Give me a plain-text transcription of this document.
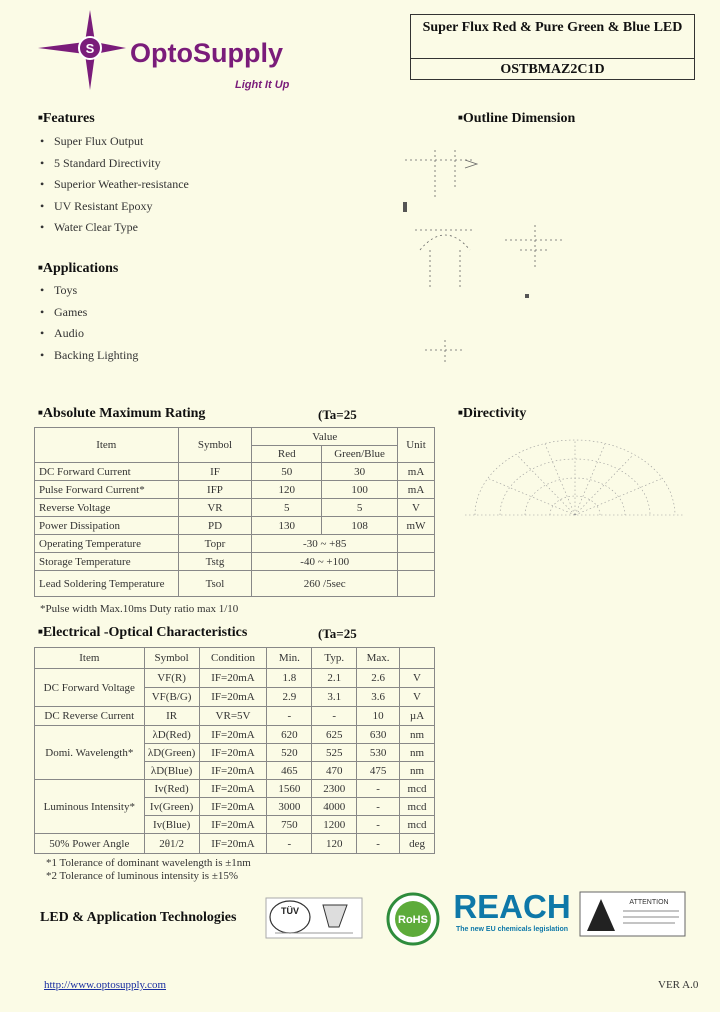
S OptoSupply
Light It Up
Super Flux Red & Pure Green & Blue LED
OSTBMAZ2C1D
■Features
• Super Flux Output
• 5 Standard Directivity
• Superior Weather-resistance
• UV Resistant Epoxy
• Water Clear Type
■Applications
• Toys
• Games
• Audio
• Backing Lighting
■Outline Dimension
■Directivity
■Absolute Maximum Rating	(Ta=25
Item	Symbol	Value		Unit
		Red	Green/Blue	
DC Forward Current	IF	50	30	mA
Pulse Forward Current*	IFP	120	100	mA
Reverse Voltage	VR	5	5	V
Power Dissipation	PD	130	108	mW
Operating Temperature	Topr	-30 ~ +85		
Storage Temperature	Tstg	-40 ~ +100		
Lead Soldering Temperature	Tsol	260 /5sec		
*Pulse width Max.10ms Duty ratio max 1/10
■Electrical -Optical Characteristics	(Ta=25
Item	Symbol	Condition	Min.	Typ.	Max.	
DC Forward Voltage	VF(R)	IF=20mA	1.8	2.1	2.6	V
	VF(B/G)	IF=20mA	2.9	3.1	3.6	V
DC Reverse Current	IR	VR=5V	-	-	10	µA
Domi. Wavelength*	λD(Red)	IF=20mA	620	625	630	nm
	λD(Green)	IF=20mA	520	525	530	nm
	λD(Blue)	IF=20mA	465	470	475	nm
Luminous Intensity*	Iv(Red)	IF=20mA	1560	2300	-	mcd
	Iv(Green)	IF=20mA	3000	4000	-	mcd
	Iv(Blue)	IF=20mA	750	1200	-	mcd
50% Power Angle	2θ1/2	IF=20mA	-	120	-	deg
*1 Tolerance of dominant wavelength is ±1nm
*2 Tolerance of luminous intensity is ±15%
LED & Application Technologies	TÜV
RoHS REACH
The new EU chemicals legislation
ATTENTION
http://www.optosupply.com	VER A.0
